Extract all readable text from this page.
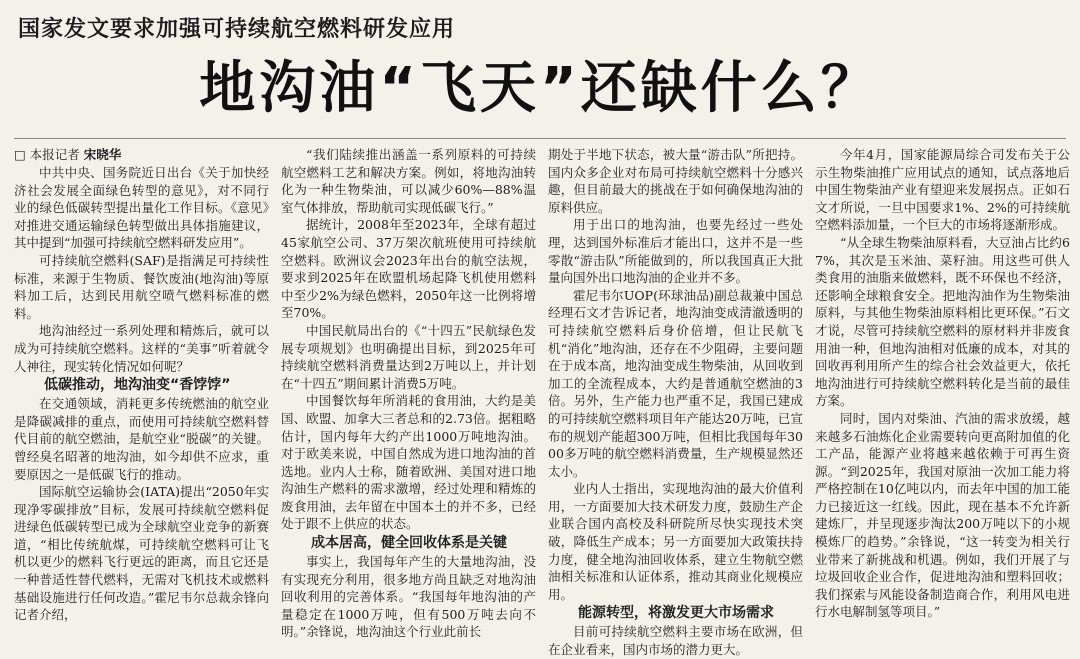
国家发文要求加强可持续航空燃料研发应用
地沟油“飞天”还缺什么？

□ 本报记者 宋晓华

中共中央、国务院近日出台《关于加快经济社会发展全面绿色转型的意见》，对不同行业的绿色低碳转型提出量化工作目标。《意见》对推进交通运输绿色转型做出具体指施建议，其中提到“加强可持续航空燃料研发应用”。

可持续航空燃料(SAF)是指满足可持续性标准，来源于生物质、餐饮废油(地沟油)等原料加工后，达到民用航空喷气燃料标准的燃料。

地沟油经过一系列处理和精炼后，就可以成为可持续航空燃料。这样的“美事”听着就令人神往，现实转化情况如何呢？

低碳推动，地沟油变“香饽饽”

在交通领域，消耗更多传统燃油的航空业是降碳减排的重点，而使用可持续航空燃料替代目前的航空燃油，是航空业“脱碳”的关键。曾经臭名昭著的地沟油，如今却供不应求，重要原因之一是低碳飞行的推动。

国际航空运输协会(IATA)提出“2050年实现净零碳排放”目标，发展可持续航空燃料促进绿色低碳转型已成为全球航空业竞争的新赛道，“相比传统航煤，可持续航空燃料可让飞机以更少的燃料飞行更远的距离，而且它还是一种普适性替代燃料，无需对飞机技术或燃料基础设施进行任何改造。”霍尼韦尔总裁余锋向记者介绍，

“我们陆续推出涵盖一系列原料的可持续航空燃料工艺和解决方案。例如，将地沟油转化为一种生物柴油，可以减少60%—88%温室气体排放，帮助航司实现低碳飞行。”

据统计，2008年至2023年，全球有超过45家航空公司、37万架次航班使用可持续航空燃料。欧洲议会2023年出台的航空法规，要求到2025年在欧盟机场起降飞机使用燃料中至少2%为绿色燃料，2050年这一比例将增至70%。

中国民航局出台的《“十四五”民航绿色发展专项规划》也明确提出目标，到2025年可持续航空燃料消费量达到2万吨以上，并计划在“十四五”期间累计消费5万吨。

中国餐饮每年所消耗的食用油，大约是美国、欧盟、加拿大三者总和的2.73倍。据粗略估计，国内每年大约产出1000万吨地沟油。对于欧美来说，中国自然成为进口地沟油的首选地。业内人士称，随着欧洲、美国对进口地沟油生产燃料的需求激增，经过处理和精炼的废食用油，去年留在中国本土的并不多，已经处于跟不上供应的状态。

成本居高，健全回收体系是关键

事实上，我国每年产生的大量地沟油，没有实现充分利用，很多地方尚且缺乏对地沟油回收利用的完善体系。“我国每年地沟油的产量稳定在1000万吨，但有500万吨去向不明。”余锋说，地沟油这个行业此前长

期处于半地下状态，被大量“游击队”所把持。国内众多企业对布局可持续航空燃料十分感兴趣，但目前最大的挑战在于如何确保地沟油的原料供应。

用于出口的地沟油，也要先经过一些处理，达到国外标准后才能出口，这并不是一些零散“游击队”所能做到的，所以我国真正大批量向国外出口地沟油的企业并不多。

霍尼韦尔UOP(环球油品)副总裁兼中国总经理石文才告诉记者，地沟油变成清澈透明的可持续航空燃料后身价倍增，但让民航飞机“消化”地沟油，还存在不少阻碍，主要问题在于成本高，地沟油变成生物柴油，从回收到加工的全流程成本，大约是普通航空燃油的3倍。另外，生产能力也严重不足，我国已建成的可持续航空燃料项目年产能达20万吨，已宣布的规划产能超300万吨，但相比我国每年3000多万吨的航空燃料消费量，生产规模显然还太小。

业内人士指出，实现地沟油的最大价值利用，一方面要加大技术研发力度，鼓励生产企业联合国内高校及科研院所尽快实现技术突破，降低生产成本；另一方面要加大政策扶持力度，健全地沟油回收体系，建立生物航空燃油相关标准和认证体系，推动其商业化规模应用。

能源转型，将激发更大市场需求

目前可持续航空燃料主要市场在欧洲，但在企业看来，国内市场的潜力更大。

今年4月，国家能源局综合司发布关于公示生物柴油推广应用试点的通知，试点落地后中国生物柴油产业有望迎来发展拐点。正如石文才所说，一旦中国要求1%、2%的可持续航空燃料添加量，一个巨大的市场将逐渐形成。

“从全球生物柴油原料看，大豆油占比约67%，其次是玉米油、菜籽油。用这些可供人类食用的油脂来做燃料，既不环保也不经济，还影响全球粮食安全。把地沟油作为生物柴油原料，与其他生物柴油原料相比更环保。”石文才说，尽管可持续航空燃料的原材料并非废食用油一种，但地沟油相对低廉的成本，对其的回收再利用所产生的综合社会效益更大，依托地沟油进行可持续航空燃料转化是当前的最佳方案。

同时，国内对柴油、汽油的需求放缓，越来越多石油炼化企业需要转向更高附加值的化工产品，能源产业将越来越依赖于可再生资源。“到2025年，我国对原油一次加工能力将严格控制在10亿吨以内，而去年中国的加工能力已接近这一红线。因此，现在基本不允许新建炼厂，并呈现逐步淘汰200万吨以下的小规模炼厂的趋势。”余锋说，“这一转变为相关行业带来了新挑战和机遇。例如，我们开展了与垃圾回收企业合作，促进地沟油和塑料回收；我们探索与风能设备制造商合作，利用风电进行水电解制氢等项目。”
